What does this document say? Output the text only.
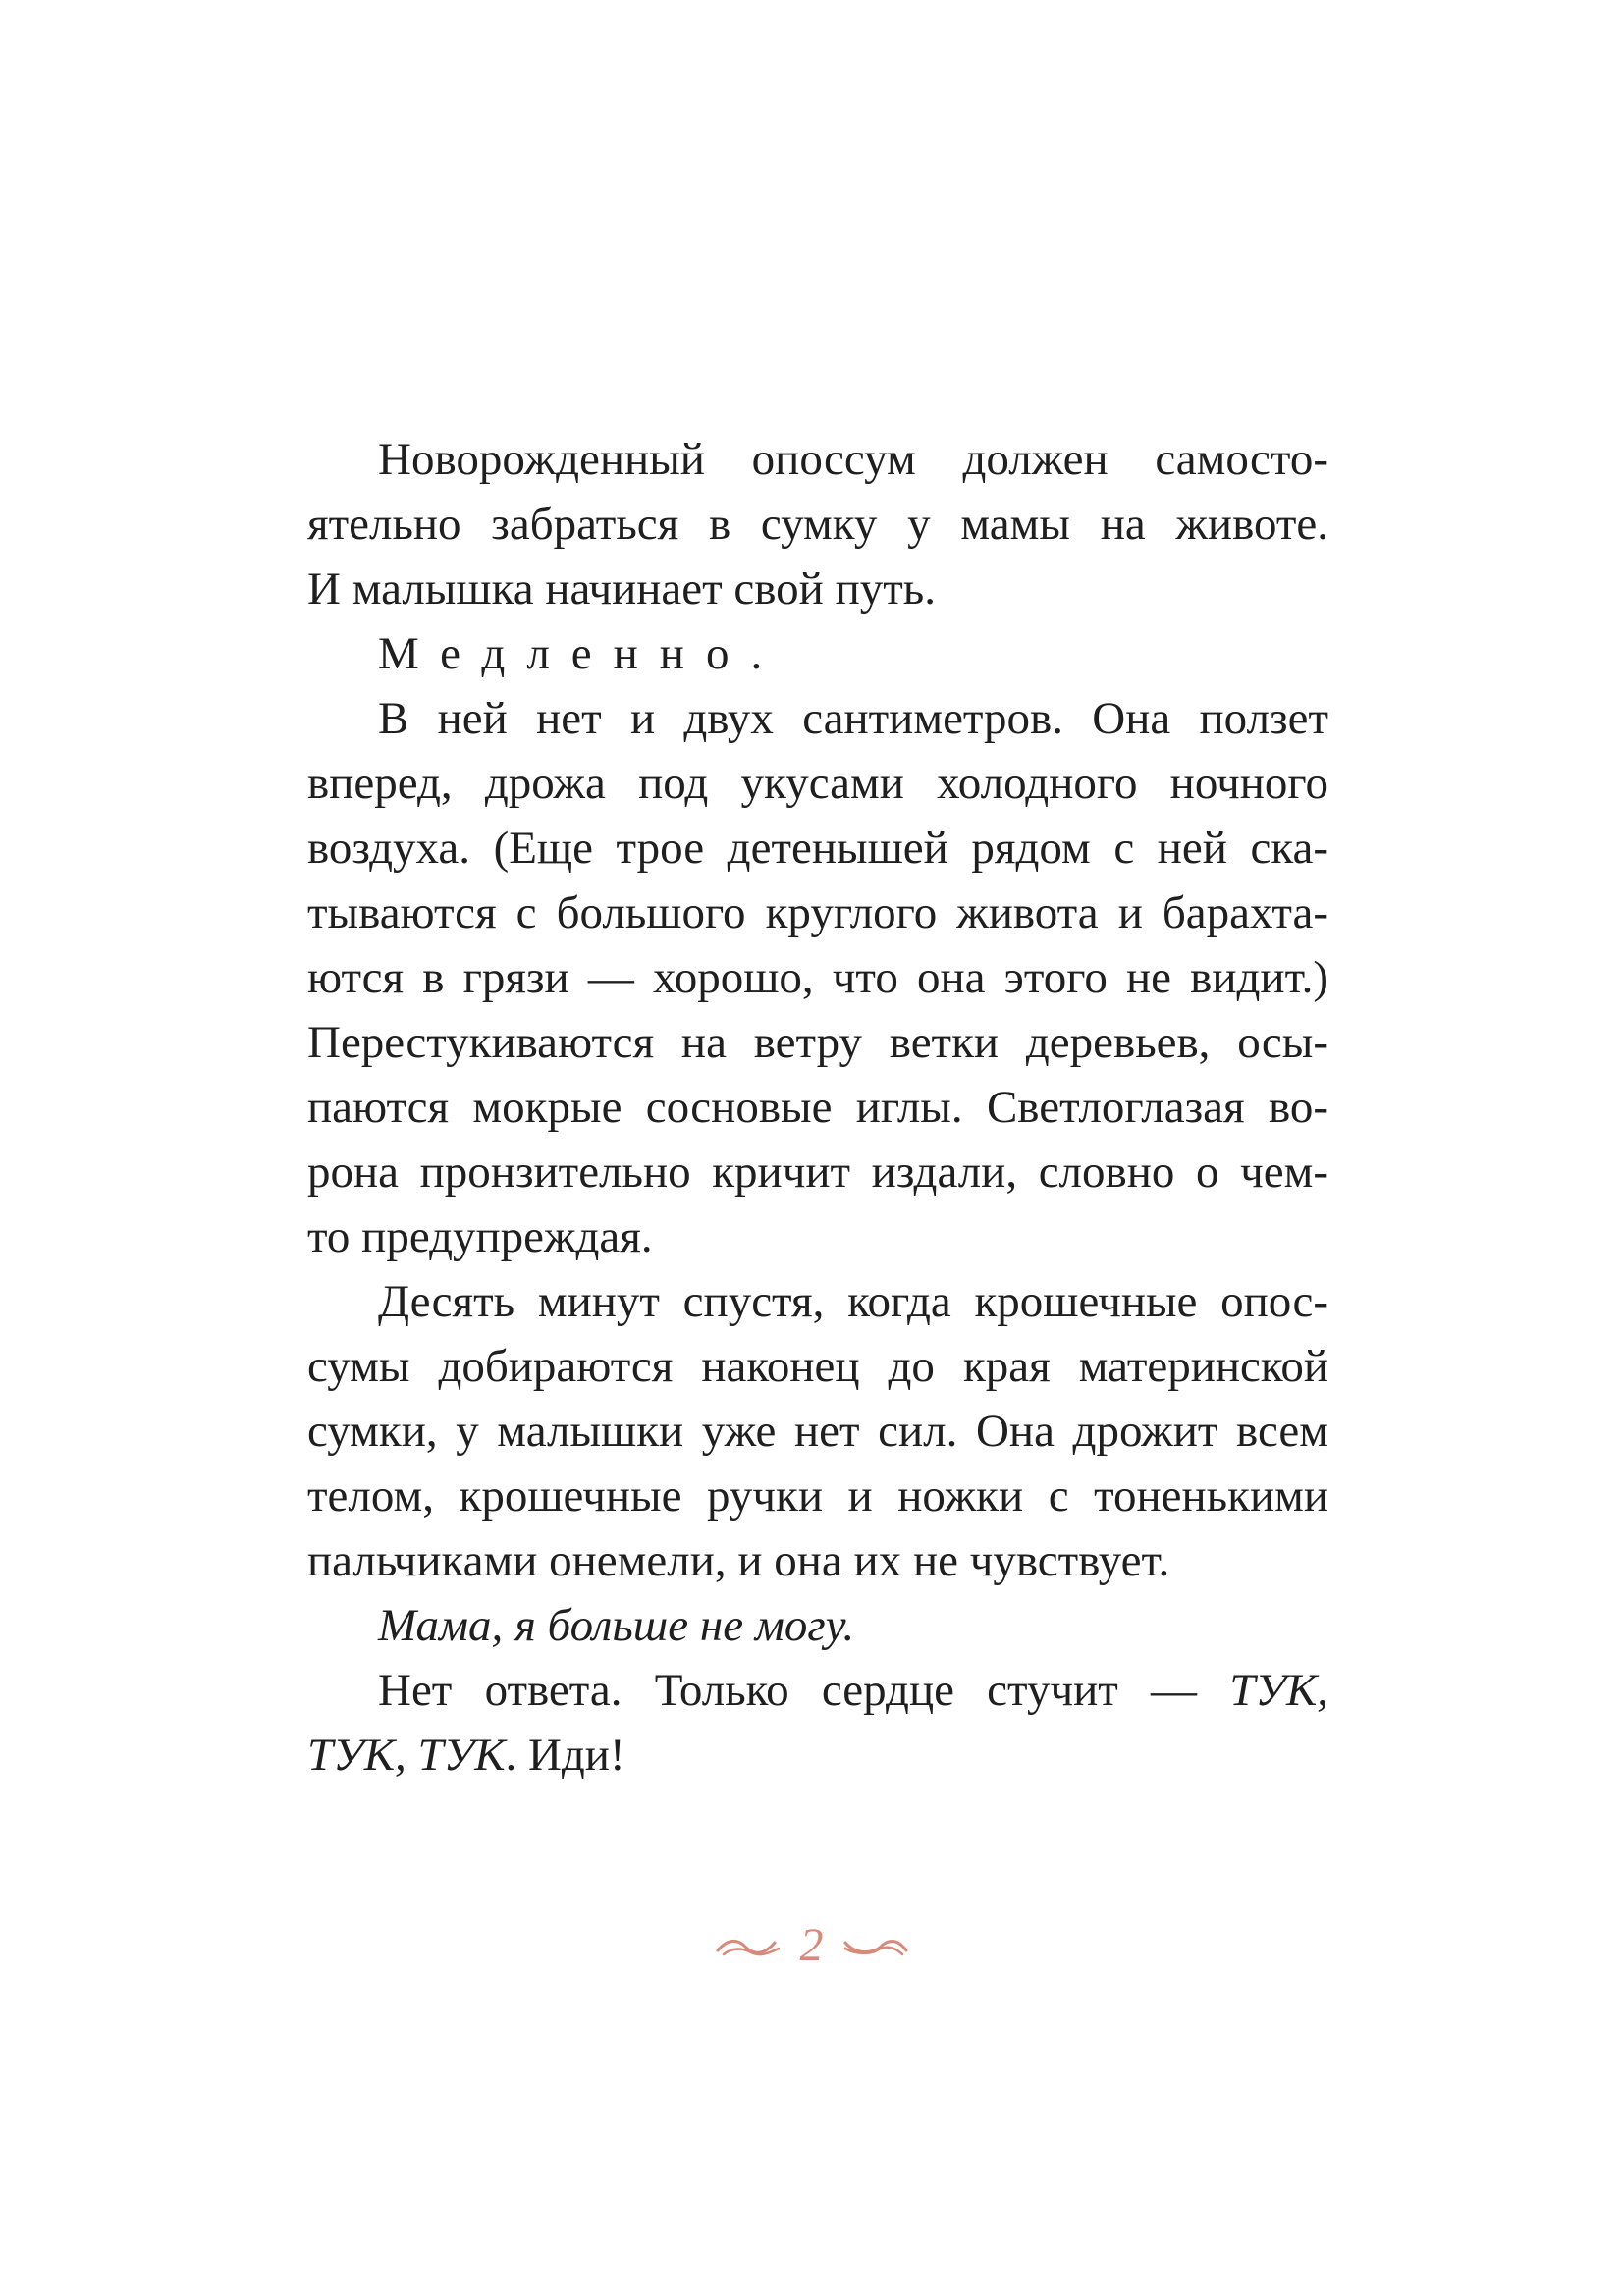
Новорожденный опоссум должен самосто-
ятельно забраться в сумку у мамы на животе.
И малышка начинает свой путь.
Медленно.
В ней нет и двух сантиметров. Она ползет
вперед, дрожа под укусами холодного ночного
воздуха. (Еще трое детенышей рядом с ней ска-
тываются с большого круглого живота и барахта-
ются в грязи — хорошо, что она этого не видит.)
Перестукиваются на ветру ветки деревьев, осы-
паются мокрые сосновые иглы. Светлоглазая во-
рона пронзительно кричит издали, словно о чем-
то предупреждая.
Десять минут спустя, когда крошечные опос-
сумы добираются наконец до края материнской
сумки, у малышки уже нет сил. Она дрожит всем
телом, крошечные ручки и ножки с тоненькими
пальчиками онемели, и она их не чувствует.
Мама, я больше не могу.
Нет ответа. Только сердце стучит — ТУК,
ТУК, ТУК. Иди!
2
